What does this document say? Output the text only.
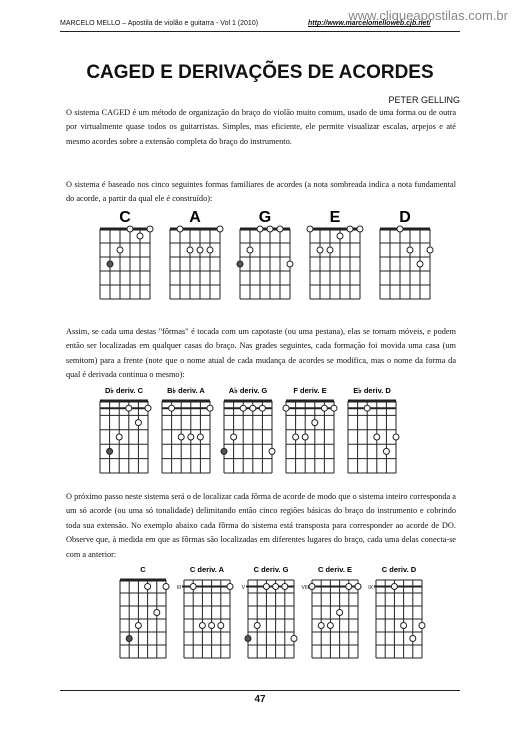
www.cliqueapostilas.com.br
MARCELO MELLO – Apostila de violão e guitarra - Vol 1 (2010)	http://www.marcelomelloweb.cjb.net/
CAGED E DERIVAÇÕES DE ACORDES
PETER GELLING
O sistema CAGED é um método de organização do braço do violão muito comum, usado de uma forma ou de outra por virtualmente quase todos os guitarristas. Simples, mas eficiente, ele permite visualizar escalas, arpejos e até mesmo acordes sobre a extensão completa do braço do instrumento.
O sistema é baseado nos cinco seguintes formas familiares de acordes (a nota sombreada indica a nota fundamental do acorde, a partir da qual ele é construído):
C	A	G	E	D
Assim, se cada uma destas "fôrmas" é tocada com um capotaste (ou uma pestana), elas se tornam móveis, e podem então ser localizadas em qualquer casas do braço. Nas grades seguintes, cada formação foi movida uma casa (um semitom) para a frente (note que o nome atual de cada mudança de acordes se modifica, mas o nome da forma da qual é derivada continua o mesmo):
D♭ deriv. C	B♭ deriv. A	A♭ deriv. G	F deriv. E	E♭ deriv. D
O próximo passo neste sistema será o de localizar cada fôrma de acorde de modo que o sistema inteiro corresponda a um só acorde (ou uma só tonalidade) delimitando então cinco regiões básicas do braço do instrumento e cobrindo toda sua extensão. No exemplo abaixo cada fôrma do sistema está transposta para corresponder ao acorde de DO. Observe que, à medida em que as fôrmas são localizadas em diferentes lugares do braço, cada uma delas conecta-se com a anterior:
C	C deriv. A
III
C deriv. G
V
C deriv. E
VIII
C deriv. D
IX
47
